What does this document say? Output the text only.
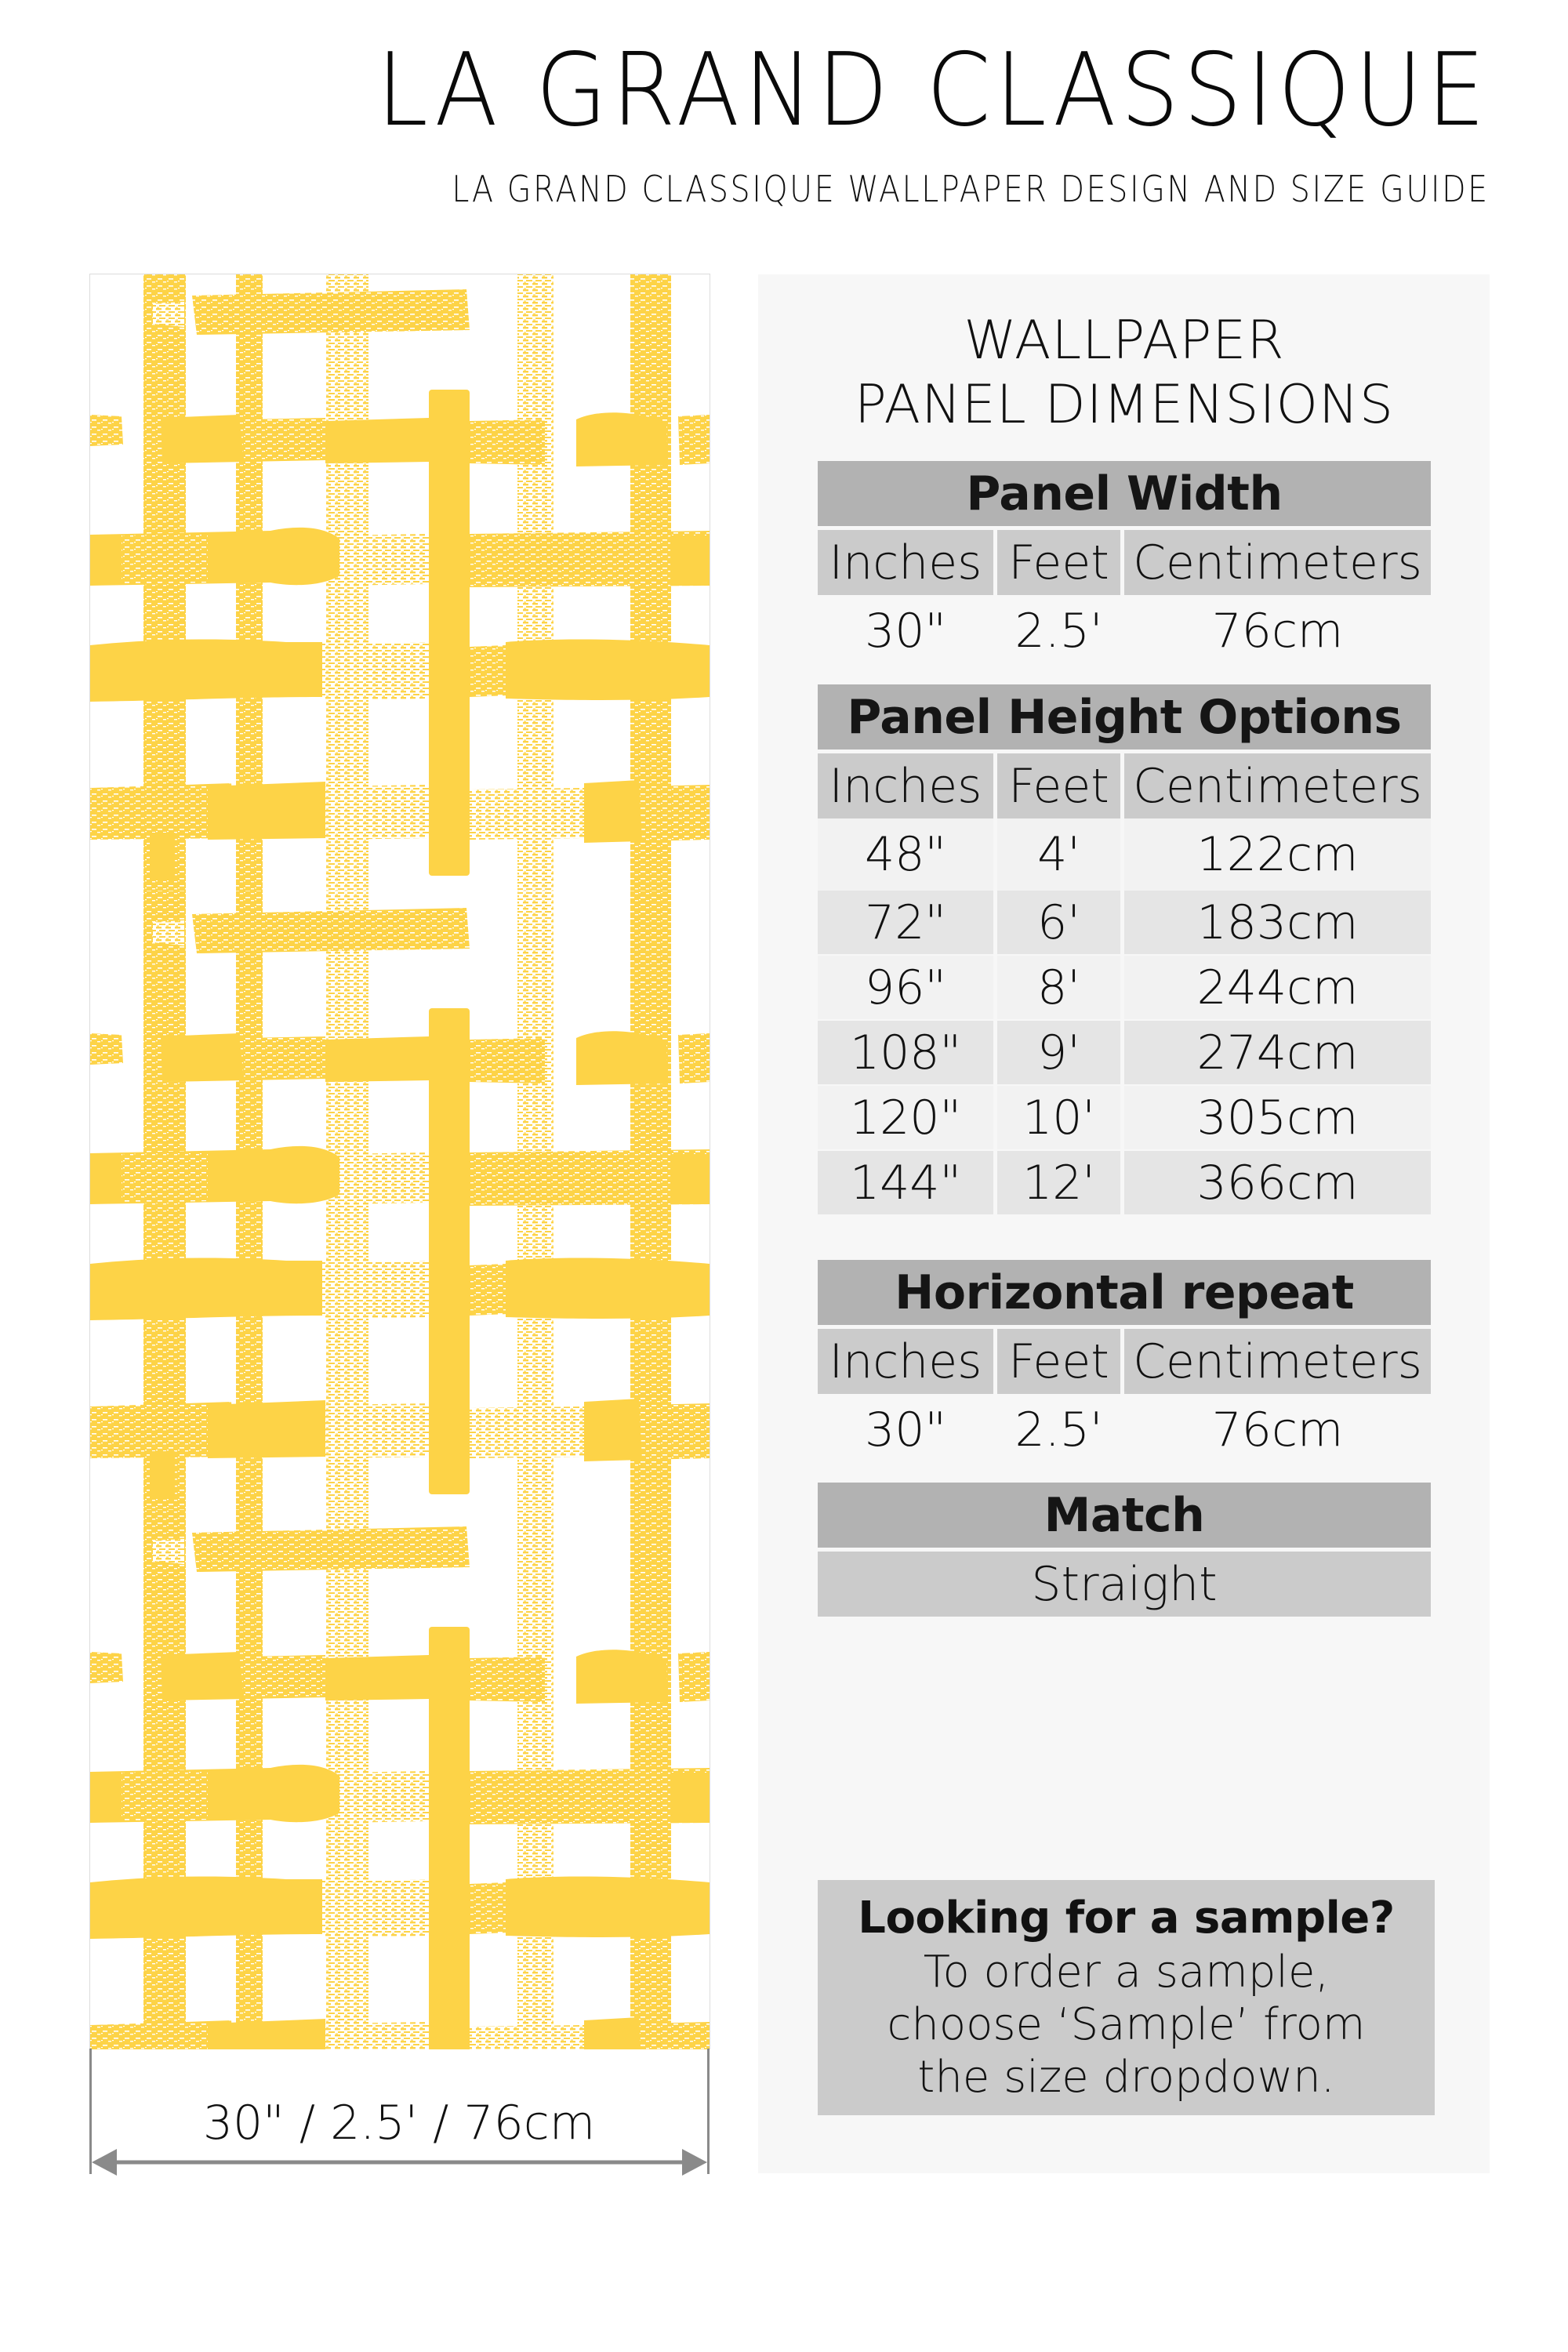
LA GRAND CLASSIQUE
LA GRAND CLASSIQUE WALLPAPER DESIGN AND SIZE GUIDE
30" / 2.5' / 76cm
WALLPAPER
PANEL DIMENSIONS
Panel Width
Inches Feet Centimeters
30"	2.5'	76cm
Panel Height Options
Inches Feet Centimeters
48"	4'	122cm
72"	6'	183cm
96"	8'	244cm
108"	9'	274cm
120"	10'	305cm
144"	12'	366cm
Horizontal repeat
Inches Feet Centimeters
30"	2.5'	76cm
Match
Straight
Looking for a sample?
To order a sample,
choose ‘Sample’ from
the size dropdown.
